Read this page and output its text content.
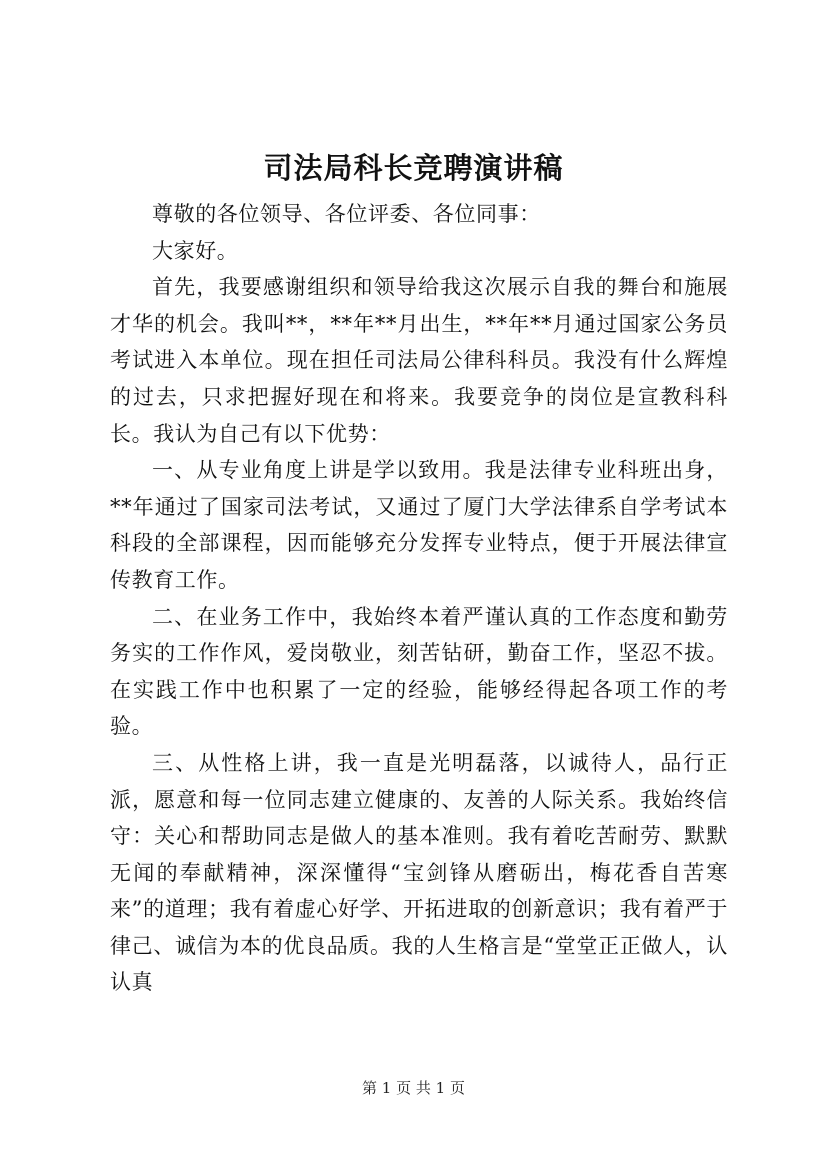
司法局科长竞聘演讲稿

尊敬的各位领导、各位评委、各位同事：

大家好。

首先，我要感谢组织和领导给我这次展示自我的舞台和施展才华的机会。我叫**，**年**月出生，**年**月通过国家公务员考试进入本单位。现在担任司法局公律科科员。我没有什么辉煌的过去，只求把握好现在和将来。我要竞争的岗位是宣教科科长。我认为自己有以下优势：

一、从专业角度上讲是学以致用。我是法律专业科班出身，**年通过了国家司法考试，又通过了厦门大学法律系自学考试本科段的全部课程，因而能够充分发挥专业特点，便于开展法律宣传教育工作。

二、在业务工作中，我始终本着严谨认真的工作态度和勤劳务实的工作作风，爱岗敬业，刻苦钻研，勤奋工作，坚忍不拔。在实践工作中也积累了一定的经验，能够经得起各项工作的考验。

三、从性格上讲，我一直是光明磊落，以诚待人，品行正派，愿意和每一位同志建立健康的、友善的人际关系。我始终信守：关心和帮助同志是做人的基本准则。我有着吃苦耐劳、默默无闻的奉献精神，深深懂得“宝剑锋从磨砺出，梅花香自苦寒来”的道理；我有着虚心好学、开拓进取的创新意识；我有着严于律己、诚信为本的优良品质。我的人生格言是“堂堂正正做人，认认真

第 1 页 共 1 页
